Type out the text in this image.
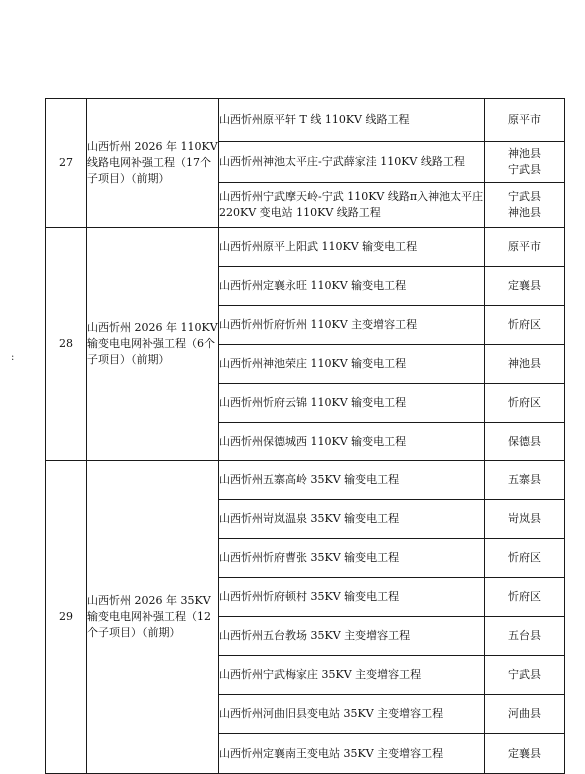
:
27	山西忻州 2026 年 110KV 线路电网补强工程（17个子项目）（前期）	山西忻州原平轩 T 线 110KV 线路工程	原平市

		山西忻州神池太平庄-宁武薛家洼 110KV 线路工程	神池县
宁武县

		山西忻州宁武摩天岭-宁武 110KV 线路π入神池太平庄 220KV 变电站 110KV 线路工程	宁武县
神池县

28	山西忻州 2026 年 110KV 输变电电网补强工程（6个子项目）（前期）	山西忻州原平上阳武 110KV 输变电工程	原平市

		山西忻州定襄永旺 110KV 输变电工程	定襄县

		山西忻州忻府忻州 110KV 主变增容工程	忻府区

		山西忻州神池荣庄 110KV 输变电工程	神池县

		山西忻州忻府云锦 110KV 输变电工程	忻府区

		山西忻州保德城西 110KV 输变电工程	保德县

29	山西忻州 2026 年 35KV 输变电电网补强工程（12个子项目）（前期）	山西忻州五寨高岭 35KV 输变电工程	五寨县

		山西忻州岢岚温泉 35KV 输变电工程	岢岚县

		山西忻州忻府曹张 35KV 输变电工程	忻府区

		山西忻州忻府顿村 35KV 输变电工程	忻府区

		山西忻州五台教场 35KV 主变增容工程	五台县

		山西忻州宁武梅家庄 35KV 主变增容工程	宁武县

		山西忻州河曲旧县变电站 35KV 主变增容工程	河曲县

		山西忻州定襄南王变电站 35KV 主变增容工程	定襄县
